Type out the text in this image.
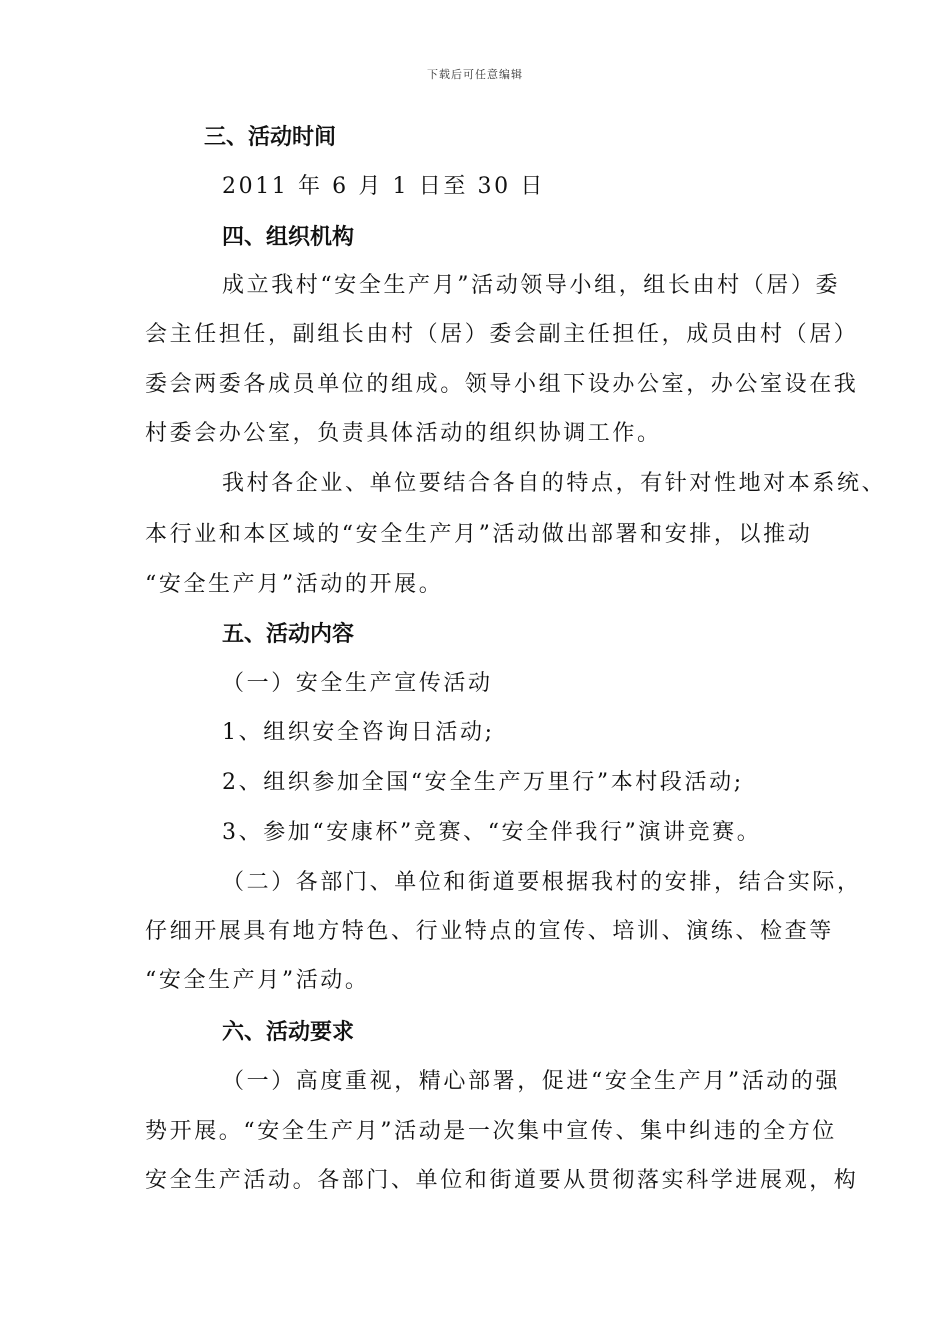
下载后可任意编辑
三、活动时间
2011 年 6 月 1 日至 30 日
四、组织机构
成立我村“安全生产月”活动领导小组，组长由村（居）委
会主任担任，副组长由村（居）委会副主任担任，成员由村（居）
委会两委各成员单位的组成。领导小组下设办公室，办公室设在我
村委会办公室，负责具体活动的组织协调工作。
我村各企业、单位要结合各自的特点，有针对性地对本系统、
本行业和本区域的“安全生产月”活动做出部署和安排，以推动
“安全生产月”活动的开展。
五、活动内容
（一）安全生产宣传活动
1、组织安全咨询日活动;
2、组织参加全国“安全生产万里行”本村段活动;
3、参加“安康杯”竞赛、“安全伴我行”演讲竞赛。
（二）各部门、单位和街道要根据我村的安排，结合实际，
仔细开展具有地方特色、行业特点的宣传、培训、演练、检查等
“安全生产月”活动。
六、活动要求
（一）高度重视，精心部署，促进“安全生产月”活动的强
势开展。“安全生产月”活动是一次集中宣传、集中纠违的全方位
安全生产活动。各部门、单位和街道要从贯彻落实科学进展观，构
